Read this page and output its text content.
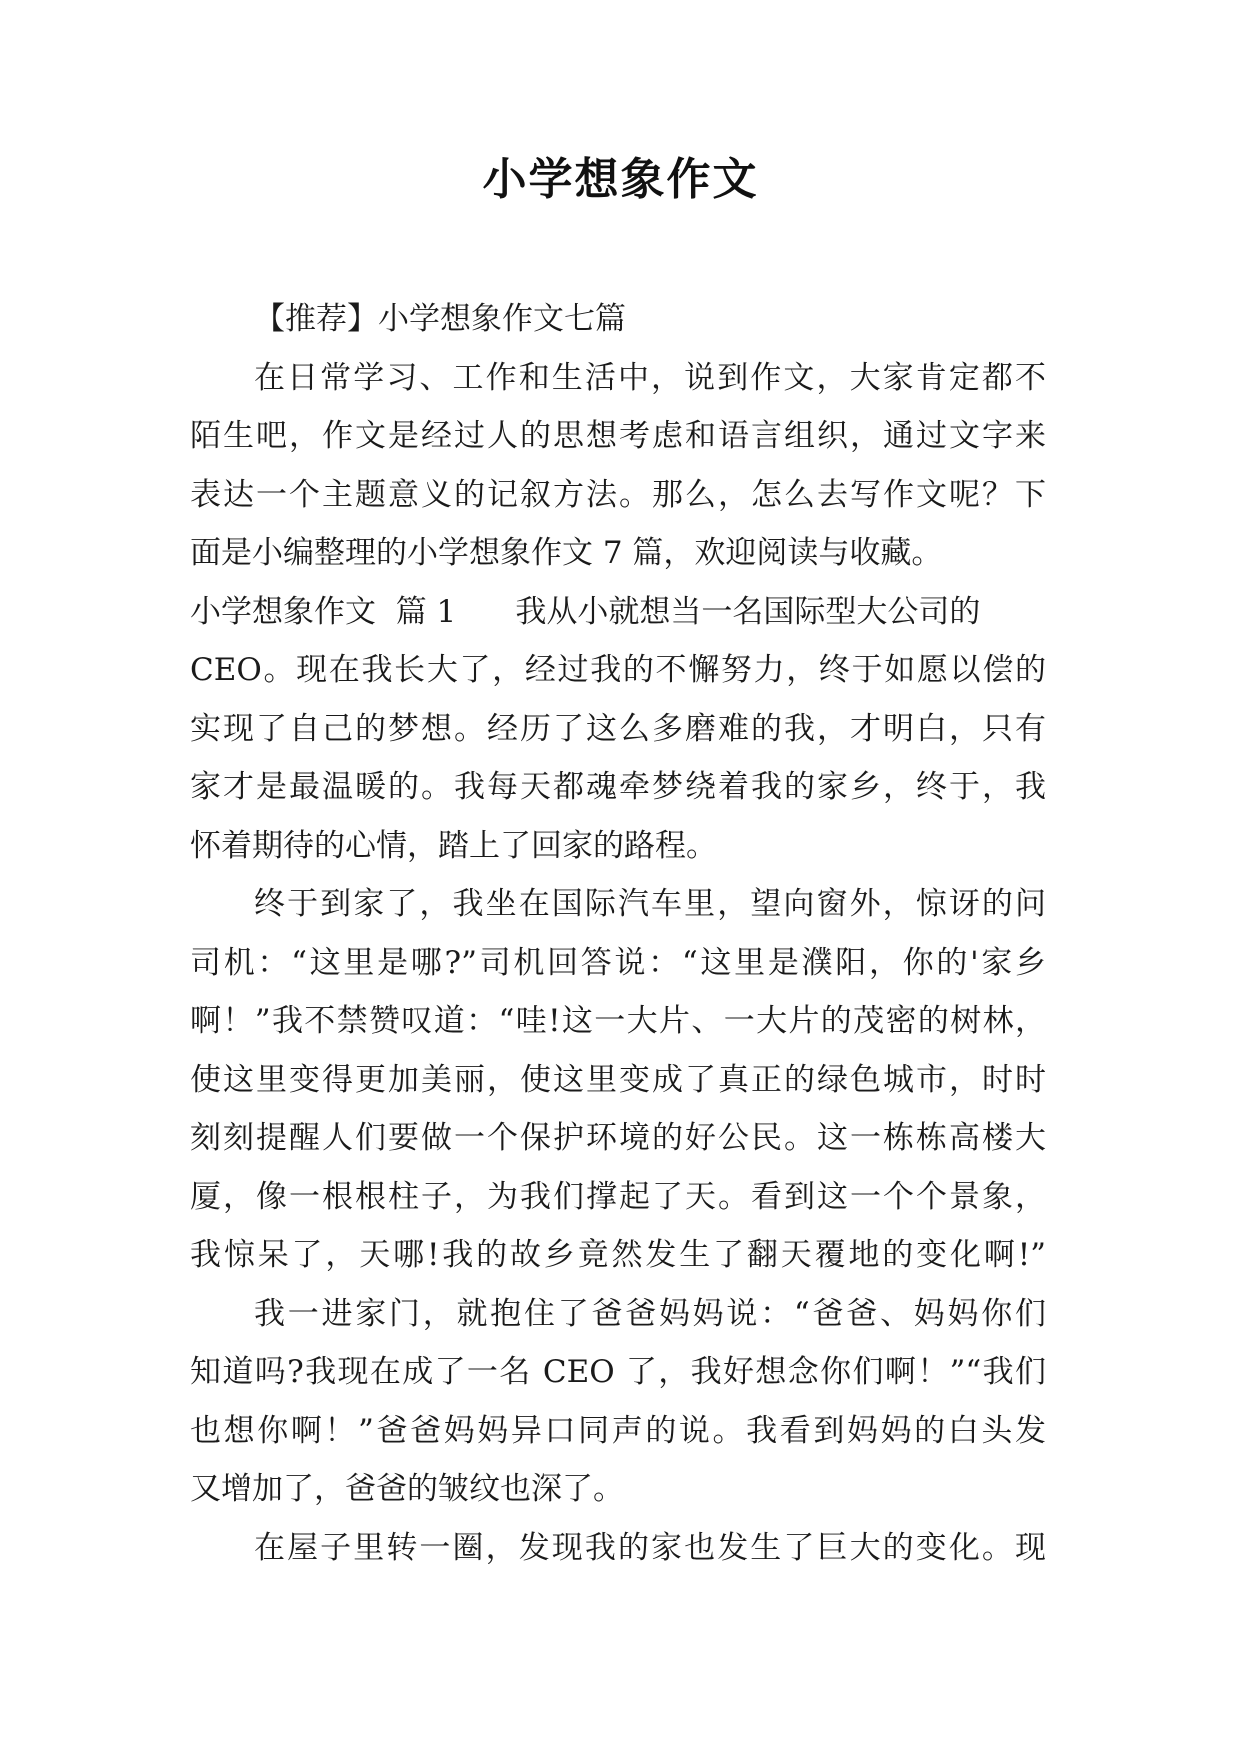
小学想象作文
【推荐】小学想象作文七篇
在日常学习、工作和生活中，说到作文，大家肯定都不
陌生吧，作文是经过人的思想考虑和语言组织，通过文字来
表达一个主题意义的记叙方法。那么，怎么去写作文呢？下
面是小编整理的小学想象作文 7 篇，欢迎阅读与收藏。
小学想象作文  篇 1      我从小就想当一名国际型大公司的
CEO。现在我长大了，经过我的不懈努力，终于如愿以偿的
实现了自己的梦想。经历了这么多磨难的我，才明白，只有
家才是最温暖的。我每天都魂牵梦绕着我的家乡，终于，我
怀着期待的心情，踏上了回家的路程。
终于到家了，我坐在国际汽车里，望向窗外，惊讶的问
司机：“这里是哪?”司机回答说：“这里是濮阳，你的'家乡
啊！”我不禁赞叹道：“哇!这一大片、一大片的茂密的树林，
使这里变得更加美丽，使这里变成了真正的绿色城市，时时
刻刻提醒人们要做一个保护环境的好公民。这一栋栋高楼大
厦，像一根根柱子，为我们撑起了天。看到这一个个景象，
我惊呆了，天哪!我的故乡竟然发生了翻天覆地的变化啊!”
我一进家门，就抱住了爸爸妈妈说：“爸爸、妈妈你们
知道吗?我现在成了一名 CEO 了，我好想念你们啊！”“我们
也想你啊！”爸爸妈妈异口同声的说。我看到妈妈的白头发
又增加了，爸爸的皱纹也深了。
在屋子里转一圈，发现我的家也发生了巨大的变化。现
